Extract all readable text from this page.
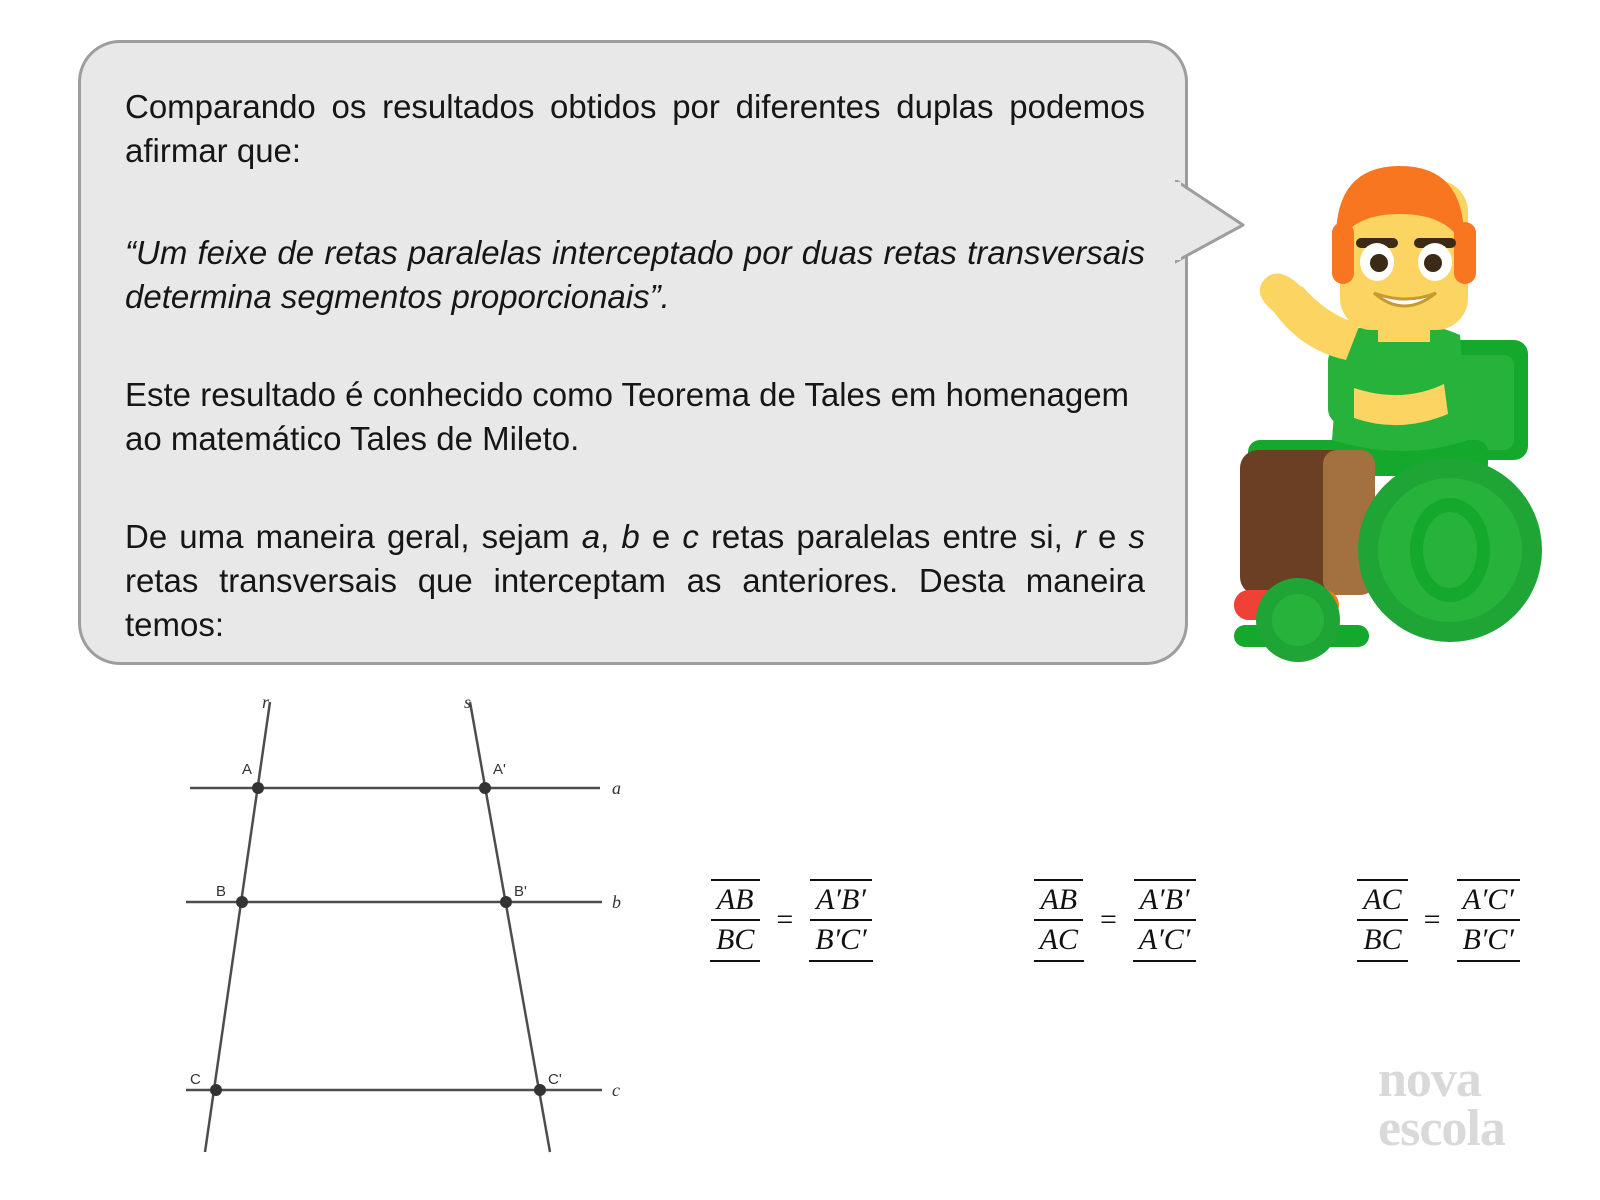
Comparando os resultados obtidos por diferentes duplas podemos afirmar que:
“Um feixe de retas paralelas interceptado por duas retas transversais determina segmentos proporcionais”.
Este resultado é conhecido como Teorema de Tales em homenagem ao matemático Tales de Mileto.
De uma maneira geral, sejam a, b e c retas paralelas entre si, r e s retas transversais que interceptam as anteriores. Desta maneira temos:
r	s
a
b
c
A	A'
B	B'
C	C'
$\frac{AB}{BC} = \frac{A'B'}{B'C'}$	$\frac{AB}{AC} = \frac{A'B'}{A'C'}$	$\frac{AC}{BC} = \frac{A'C'}{B'C'}$
nova
escola
